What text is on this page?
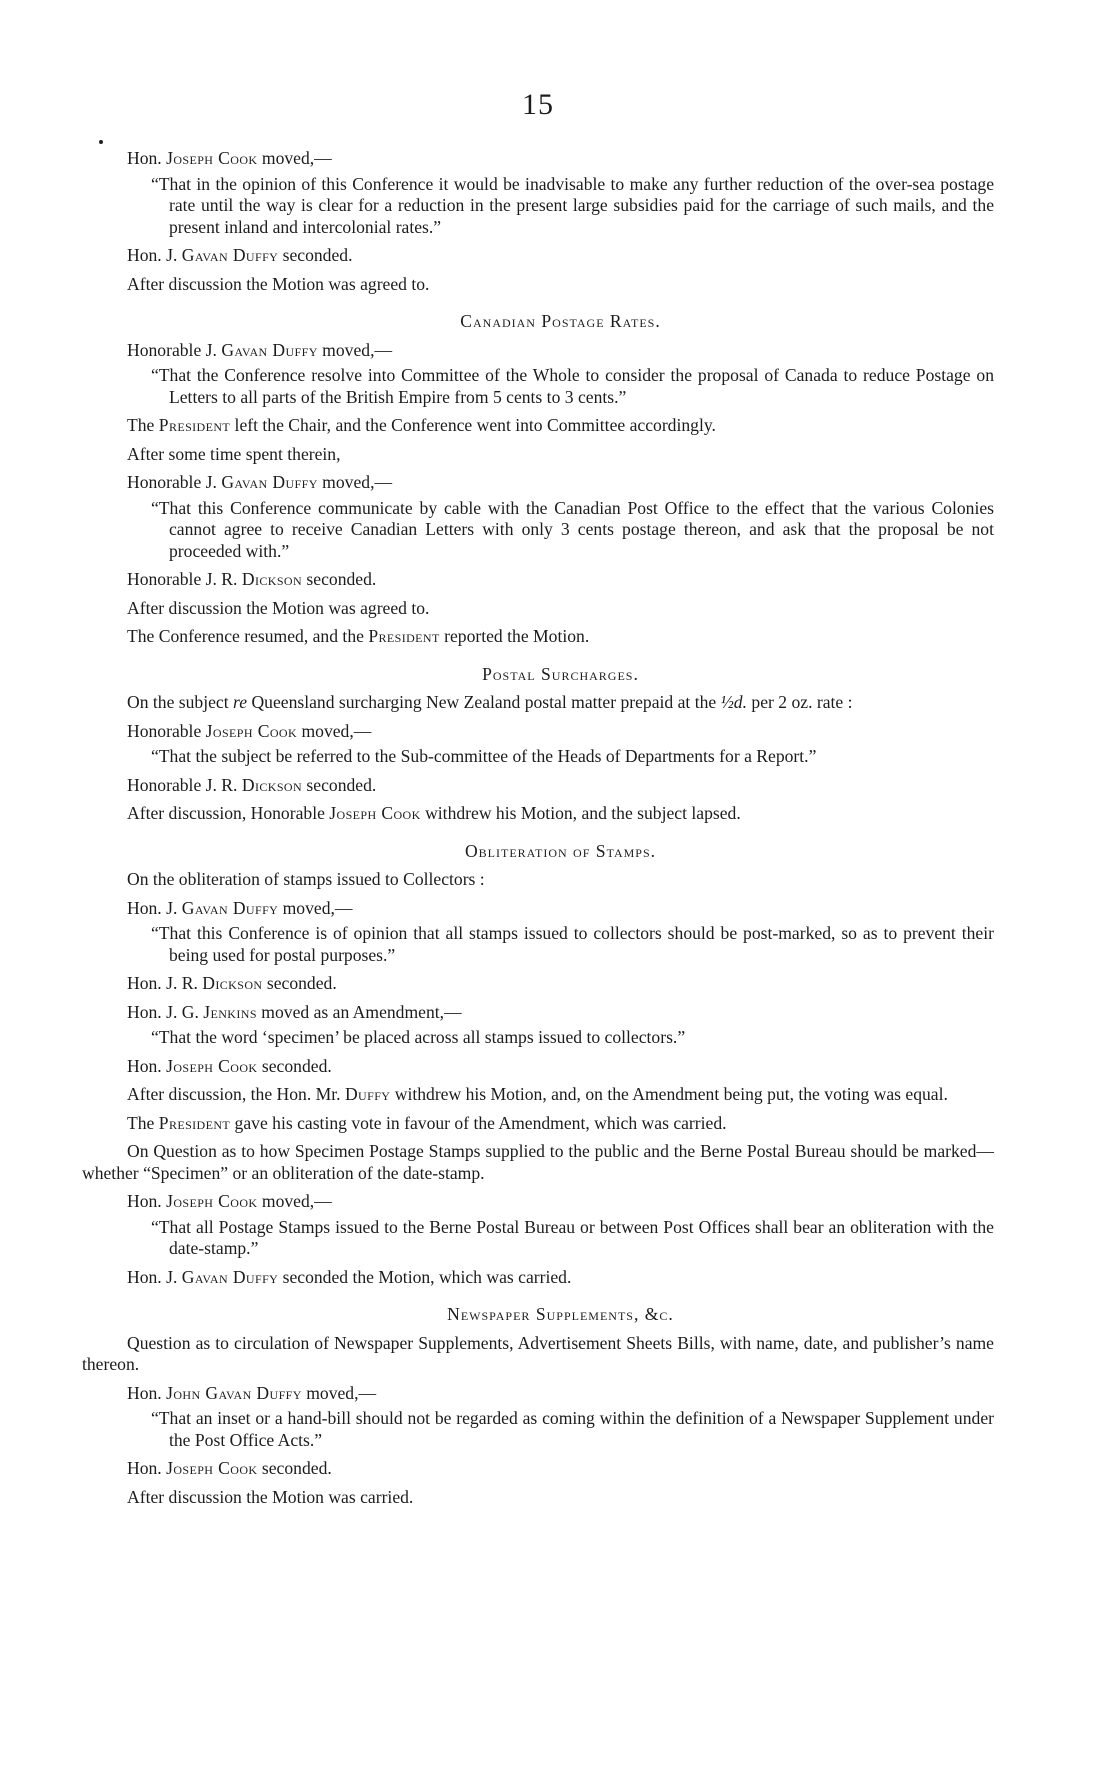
15

Hon. Joseph Cook moved,—

“That in the opinion of this Conference it would be inadvisable to make any further reduction of the over-sea postage rate until the way is clear for a reduction in the present large subsidies paid for the carriage of such mails, and the present inland and intercolonial rates.”

Hon. J. Gavan Duffy seconded.

After discussion the Motion was agreed to.

Canadian Postage Rates.

Honorable J. Gavan Duffy moved,—

“That the Conference resolve into Committee of the Whole to consider the proposal of Canada to reduce Postage on Letters to all parts of the British Empire from 5 cents to 3 cents.”

The President left the Chair, and the Conference went into Committee accordingly.

After some time spent therein,

Honorable J. Gavan Duffy moved,—

“That this Conference communicate by cable with the Canadian Post Office to the effect that the various Colonies cannot agree to receive Canadian Letters with only 3 cents postage thereon, and ask that the proposal be not proceeded with.”

Honorable J. R. Dickson seconded.

After discussion the Motion was agreed to.

The Conference resumed, and the President reported the Motion.

Postal Surcharges.

On the subject re Queensland surcharging New Zealand postal matter prepaid at the ½d. per 2 oz. rate :

Honorable Joseph Cook moved,—

“That the subject be referred to the Sub-committee of the Heads of Departments for a Report.”

Honorable J. R. Dickson seconded.

After discussion, Honorable Joseph Cook withdrew his Motion, and the subject lapsed.

Obliteration of Stamps.

On the obliteration of stamps issued to Collectors :

Hon. J. Gavan Duffy moved,—

“That this Conference is of opinion that all stamps issued to collectors should be post-marked, so as to prevent their being used for postal purposes.”

Hon. J. R. Dickson seconded.

Hon. J. G. Jenkins moved as an Amendment,—

“That the word ‘specimen’ be placed across all stamps issued to collectors.”

Hon. Joseph Cook seconded.

After discussion, the Hon. Mr. Duffy withdrew his Motion, and, on the Amendment being put, the voting was equal.

The President gave his casting vote in favour of the Amendment, which was carried.

On Question as to how Specimen Postage Stamps supplied to the public and the Berne Postal Bureau should be marked—whether “Specimen” or an obliteration of the date-stamp.

Hon. Joseph Cook moved,—

“That all Postage Stamps issued to the Berne Postal Bureau or between Post Offices shall bear an obliteration with the date-stamp.”

Hon. J. Gavan Duffy seconded the Motion, which was carried.

Newspaper Supplements, &c.

Question as to circulation of Newspaper Supplements, Advertisement Sheets Bills, with name, date, and publisher’s name thereon.

Hon. John Gavan Duffy moved,—

“That an inset or a hand-bill should not be regarded as coming within the definition of a Newspaper Supplement under the Post Office Acts.”

Hon. Joseph Cook seconded.

After discussion the Motion was carried.
